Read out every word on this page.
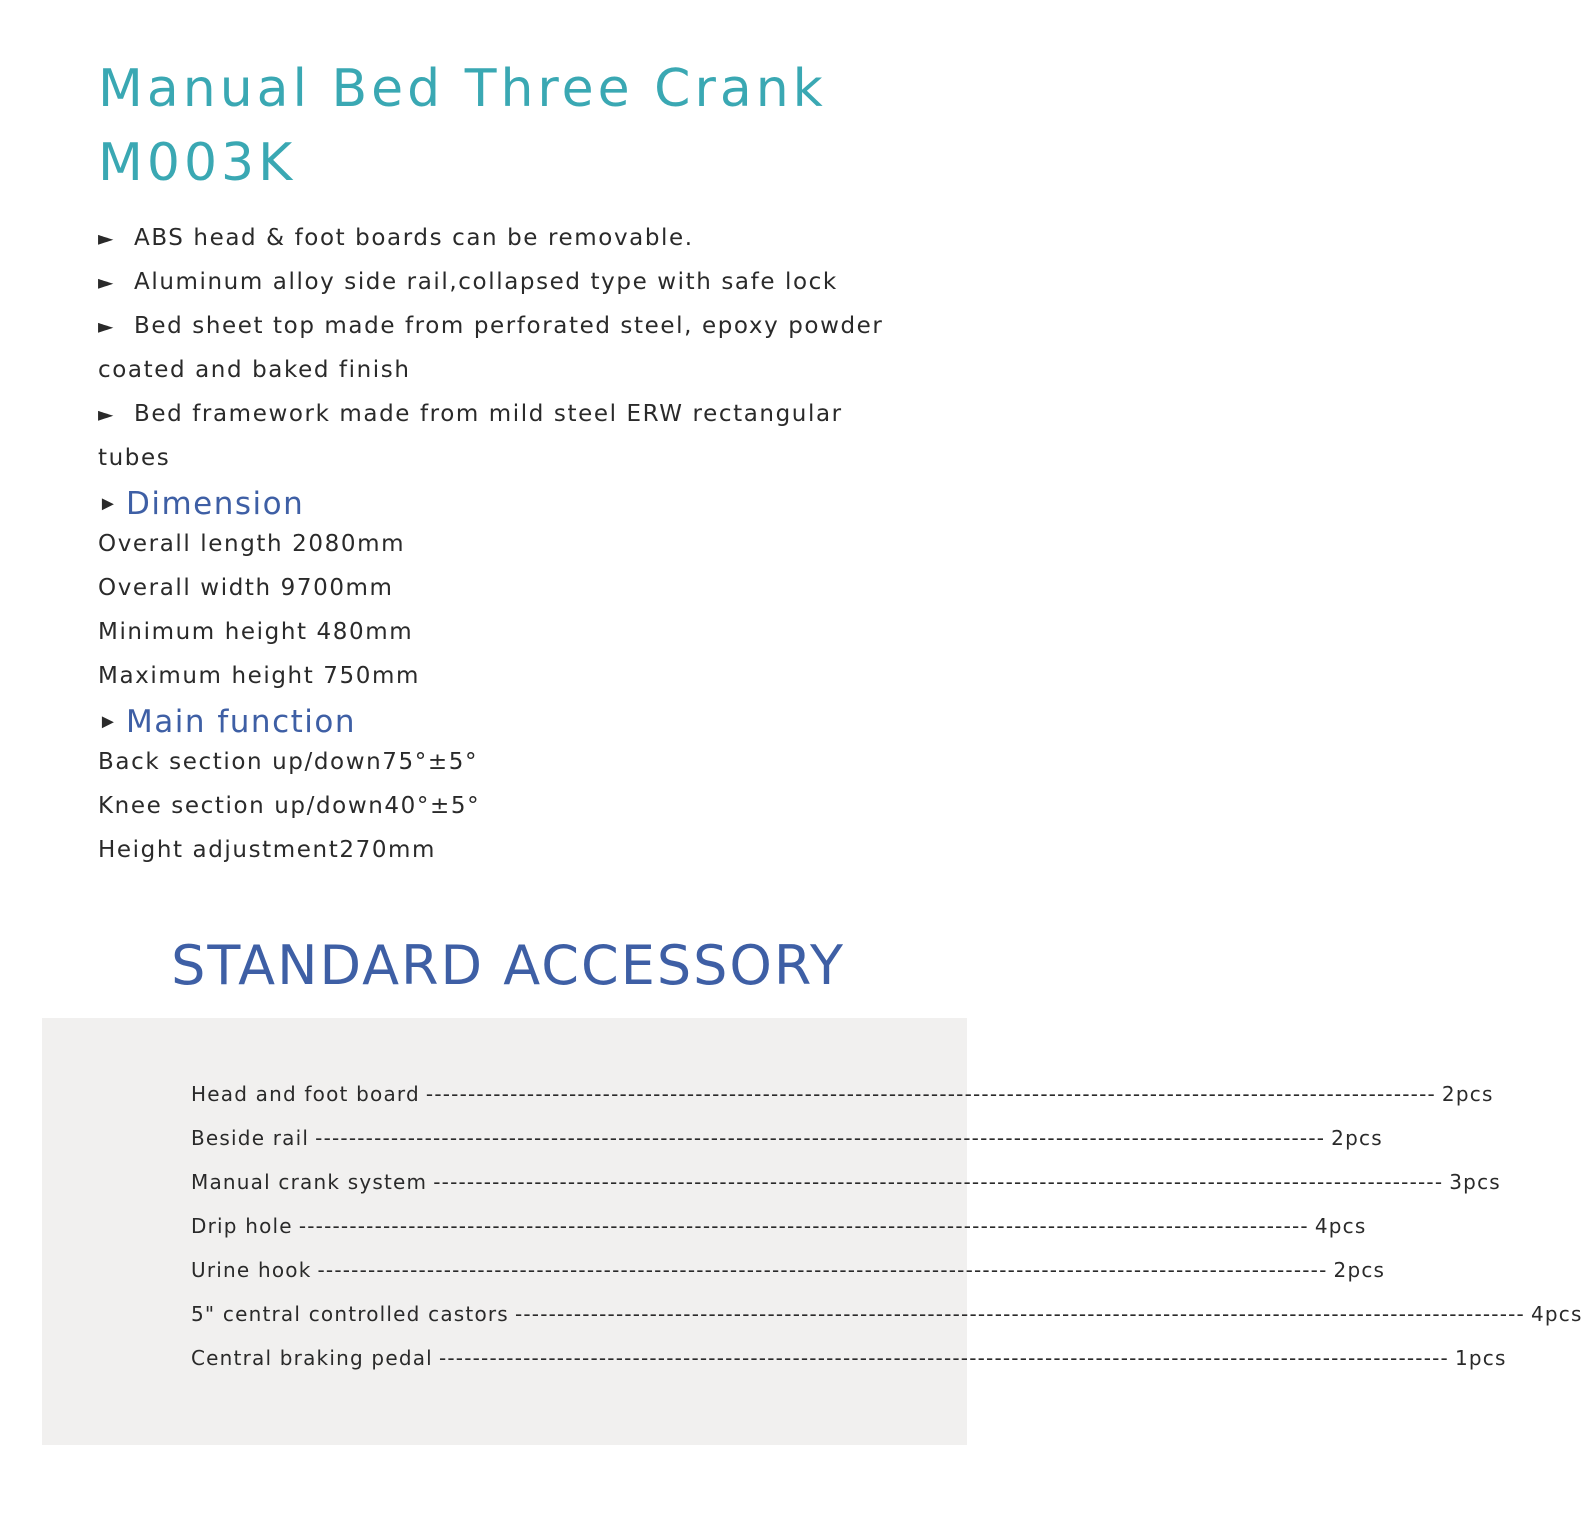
Manual Bed Three Crank
M003K
► ABS head & foot boards can be removable.
► Aluminum alloy side rail,collapsed type with safe lock
► Bed sheet top made from perforated steel, epoxy powder
coated and baked finish
► Bed framework made from mild steel ERW rectangular
tubes
► Dimension
Overall length 2080mm
Overall width 9700mm
Minimum height 480mm
Maximum height 750mm
► Main function
Back section up/down75°±5°
Knee section up/down40°±5°
Height adjustment270mm
STANDARD ACCESSORY
Head and foot board ------------------------------------------------------------------------------------------------------------------------ 2pcs
Beside rail ------------------------------------------------------------------------------------------------------------------------ 2pcs
Manual crank system ------------------------------------------------------------------------------------------------------------------------ 3pcs
Drip hole ------------------------------------------------------------------------------------------------------------------------ 4pcs
Urine hook ------------------------------------------------------------------------------------------------------------------------ 2pcs
5" central controlled castors ------------------------------------------------------------------------------------------------------------------------ 4pcs
Central braking pedal ------------------------------------------------------------------------------------------------------------------------ 1pcs
